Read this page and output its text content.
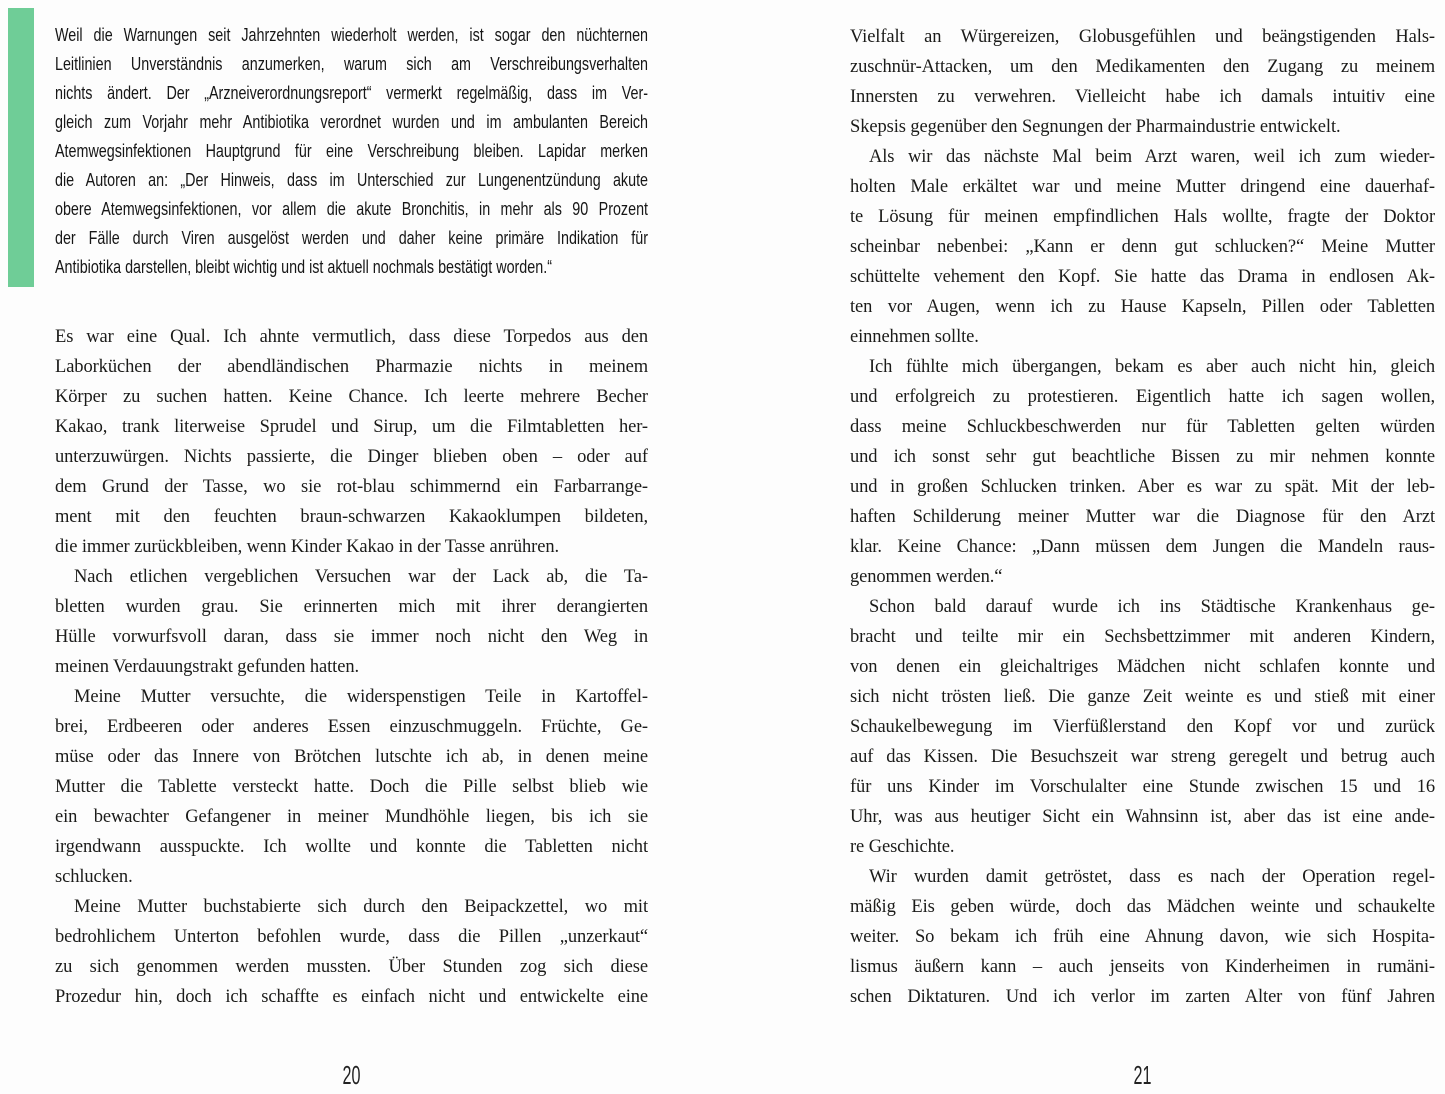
Weil die Warnungen seit Jahrzehnten wiederholt werden, ist sogar den nüchternen
Leitlinien Unverständnis anzumerken, warum sich am Verschreibungsverhalten
nichts ändert. Der „Arzneiverordnungsreport“ vermerkt regelmäßig, dass im Ver-
gleich zum Vorjahr mehr Antibiotika verordnet wurden und im ambulanten Bereich
Atemwegsinfektionen Hauptgrund für eine Verschreibung bleiben. Lapidar merken
die Autoren an: „Der Hinweis, dass im Unterschied zur Lungenentzündung akute
obere Atemwegsinfektionen, vor allem die akute Bronchitis, in mehr als 90 Prozent
der Fälle durch Viren ausgelöst werden und daher keine primäre Indikation für
Antibiotika darstellen, bleibt wichtig und ist aktuell nochmals bestätigt worden.“
Es war eine Qual. Ich ahnte vermutlich, dass diese Torpedos aus den
Laborküchen der abendländischen Pharmazie nichts in meinem
Körper zu suchen hatten. Keine Chance. Ich leerte mehrere Becher
Kakao, trank literweise Sprudel und Sirup, um die Filmtabletten her-
unterzuwürgen. Nichts passierte, die Dinger blieben oben – oder auf
dem Grund der Tasse, wo sie rot-blau schimmernd ein Farbarrange-
ment mit den feuchten braun-schwarzen Kakaoklumpen bildeten,
die immer zurückbleiben, wenn Kinder Kakao in der Tasse anrühren.
Nach etlichen vergeblichen Versuchen war der Lack ab, die Ta-
bletten wurden grau. Sie erinnerten mich mit ihrer derangierten
Hülle vorwurfsvoll daran, dass sie immer noch nicht den Weg in
meinen Verdauungstrakt gefunden hatten.
Meine Mutter versuchte, die widerspenstigen Teile in Kartoffel-
brei, Erdbeeren oder anderes Essen einzuschmuggeln. Früchte, Ge-
müse oder das Innere von Brötchen lutschte ich ab, in denen meine
Mutter die Tablette versteckt hatte. Doch die Pille selbst blieb wie
ein bewachter Gefangener in meiner Mundhöhle liegen, bis ich sie
irgendwann ausspuckte. Ich wollte und konnte die Tabletten nicht
schlucken.
Meine Mutter buchstabierte sich durch den Beipackzettel, wo mit
bedrohlichem Unterton befohlen wurde, dass die Pillen „unzerkaut“
zu sich genommen werden mussten. Über Stunden zog sich diese
Prozedur hin, doch ich schaffte es einfach nicht und entwickelte eine
Vielfalt an Würgereizen, Globusgefühlen und beängstigenden Hals-
zuschnür-Attacken, um den Medikamenten den Zugang zu meinem
Innersten zu verwehren. Vielleicht habe ich damals intuitiv eine
Skepsis gegenüber den Segnungen der Pharmaindustrie entwickelt.
Als wir das nächste Mal beim Arzt waren, weil ich zum wieder-
holten Male erkältet war und meine Mutter dringend eine dauerhaf-
te Lösung für meinen empfindlichen Hals wollte, fragte der Doktor
scheinbar nebenbei: „Kann er denn gut schlucken?“ Meine Mutter
schüttelte vehement den Kopf. Sie hatte das Drama in endlosen Ak-
ten vor Augen, wenn ich zu Hause Kapseln, Pillen oder Tabletten
einnehmen sollte.
Ich fühlte mich übergangen, bekam es aber auch nicht hin, gleich
und erfolgreich zu protestieren. Eigentlich hatte ich sagen wollen,
dass meine Schluckbeschwerden nur für Tabletten gelten würden
und ich sonst sehr gut beachtliche Bissen zu mir nehmen konnte
und in großen Schlucken trinken. Aber es war zu spät. Mit der leb-
haften Schilderung meiner Mutter war die Diagnose für den Arzt
klar. Keine Chance: „Dann müssen dem Jungen die Mandeln raus-
genommen werden.“
Schon bald darauf wurde ich ins Städtische Krankenhaus ge-
bracht und teilte mir ein Sechsbettzimmer mit anderen Kindern,
von denen ein gleichaltriges Mädchen nicht schlafen konnte und
sich nicht trösten ließ. Die ganze Zeit weinte es und stieß mit einer
Schaukelbewegung im Vierfüßlerstand den Kopf vor und zurück
auf das Kissen. Die Besuchszeit war streng geregelt und betrug auch
für uns Kinder im Vorschulalter eine Stunde zwischen 15 und 16
Uhr, was aus heutiger Sicht ein Wahnsinn ist, aber das ist eine ande-
re Geschichte.
Wir wurden damit getröstet, dass es nach der Operation regel-
mäßig Eis geben würde, doch das Mädchen weinte und schaukelte
weiter. So bekam ich früh eine Ahnung davon, wie sich Hospita-
lismus äußern kann – auch jenseits von Kinderheimen in rumäni-
schen Diktaturen. Und ich verlor im zarten Alter von fünf Jahren
20	21
